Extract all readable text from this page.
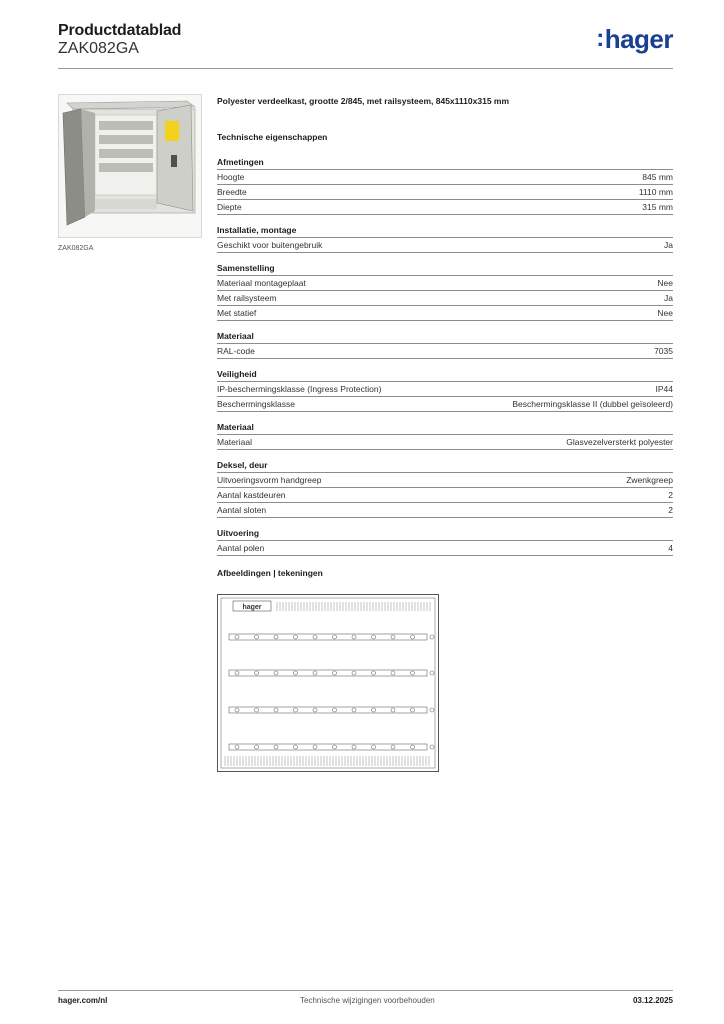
Productdatablad
ZAK082GA	:hager
ZAK082GA
Polyester verdeelkast, grootte 2/845, met railsysteem, 845x1110x315 mm
Technische eigenschappen
Afmetingen
Hoogte	845 mm
Breedte	1110 mm
Diepte	315 mm
Installatie, montage
Geschikt voor buitengebruik	Ja
Samenstelling
Materiaal montageplaat	Nee
Met railsysteem	Ja
Met statief	Nee
Materiaal
RAL-code	7035
Veiligheid
IP-beschermingsklasse (Ingress Protection)	IP44
Beschermingsklasse	Beschermingsklasse II (dubbel geïsoleerd)
Materiaal
Materiaal	Glasvezelversterkt polyester
Deksel, deur
Uitvoeringsvorm handgreep	Zwenkgreep
Aantal kastdeuren	2
Aantal sloten	2
Uitvoering
Aantal polen	4
Afbeeldingen | tekeningen
hager
hager.com/nl	Technische wijzigingen voorbehouden	03.12.2025
